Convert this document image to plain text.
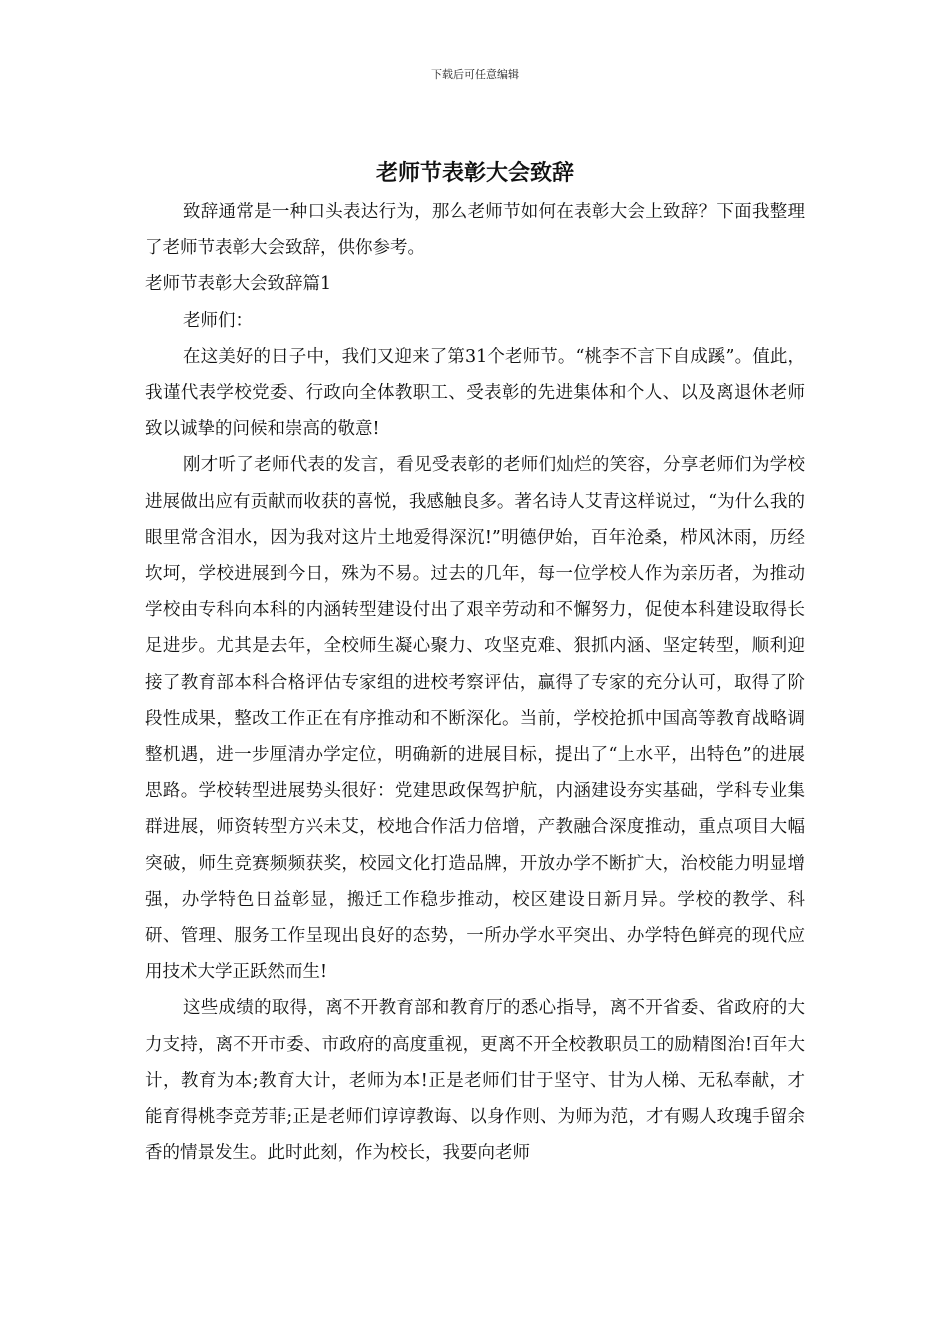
下载后可任意编辑
老师节表彰大会致辞

致辞通常是一种口头表达行为，那么老师节如何在表彰大会上致辞？下面我整理了老师节表彰大会致辞，供你参考。

老师节表彰大会致辞篇1

老师们：

在这美好的日子中，我们又迎来了第31个老师节。“桃李不言下自成蹊”。值此，我谨代表学校党委、行政向全体教职工、受表彰的先进集体和个人、以及离退休老师致以诚挚的问候和崇高的敬意!

刚才听了老师代表的发言，看见受表彰的老师们灿烂的笑容，分享老师们为学校进展做出应有贡献而收获的喜悦，我感触良多。著名诗人艾青这样说过，“为什么我的眼里常含泪水，因为我对这片土地爱得深沉!”明德伊始，百年沧桑，栉风沐雨，历经坎坷，学校进展到今日，殊为不易。过去的几年，每一位学校人作为亲历者，为推动学校由专科向本科的内涵转型建设付出了艰辛劳动和不懈努力，促使本科建设取得长足进步。尤其是去年，全校师生凝心聚力、攻坚克难、狠抓内涵、坚定转型，顺利迎接了教育部本科合格评估专家组的进校考察评估，赢得了专家的充分认可，取得了阶段性成果，整改工作正在有序推动和不断深化。当前，学校抢抓中国高等教育战略调整机遇，进一步厘清办学定位，明确新的进展目标，提出了“上水平，出特色”的进展思路。学校转型进展势头很好：党建思政保驾护航，内涵建设夯实基础，学科专业集群进展，师资转型方兴未艾，校地合作活力倍增，产教融合深度推动，重点项目大幅突破，师生竞赛频频获奖，校园文化打造品牌，开放办学不断扩大，治校能力明显增强，办学特色日益彰显，搬迁工作稳步推动，校区建设日新月异。学校的教学、科研、管理、服务工作呈现出良好的态势，一所办学水平突出、办学特色鲜亮的现代应用技术大学正跃然而生!

这些成绩的取得，离不开教育部和教育厅的悉心指导，离不开省委、省政府的大力支持，离不开市委、市政府的高度重视，更离不开全校教职员工的励精图治!百年大计，教育为本;教育大计，老师为本!正是老师们甘于坚守、甘为人梯、无私奉献，才能育得桃李竞芳菲;正是老师们谆谆教诲、以身作则、为师为范，才有赐人玫瑰手留余香的情景发生。此时此刻，作为校长，我要向老师
